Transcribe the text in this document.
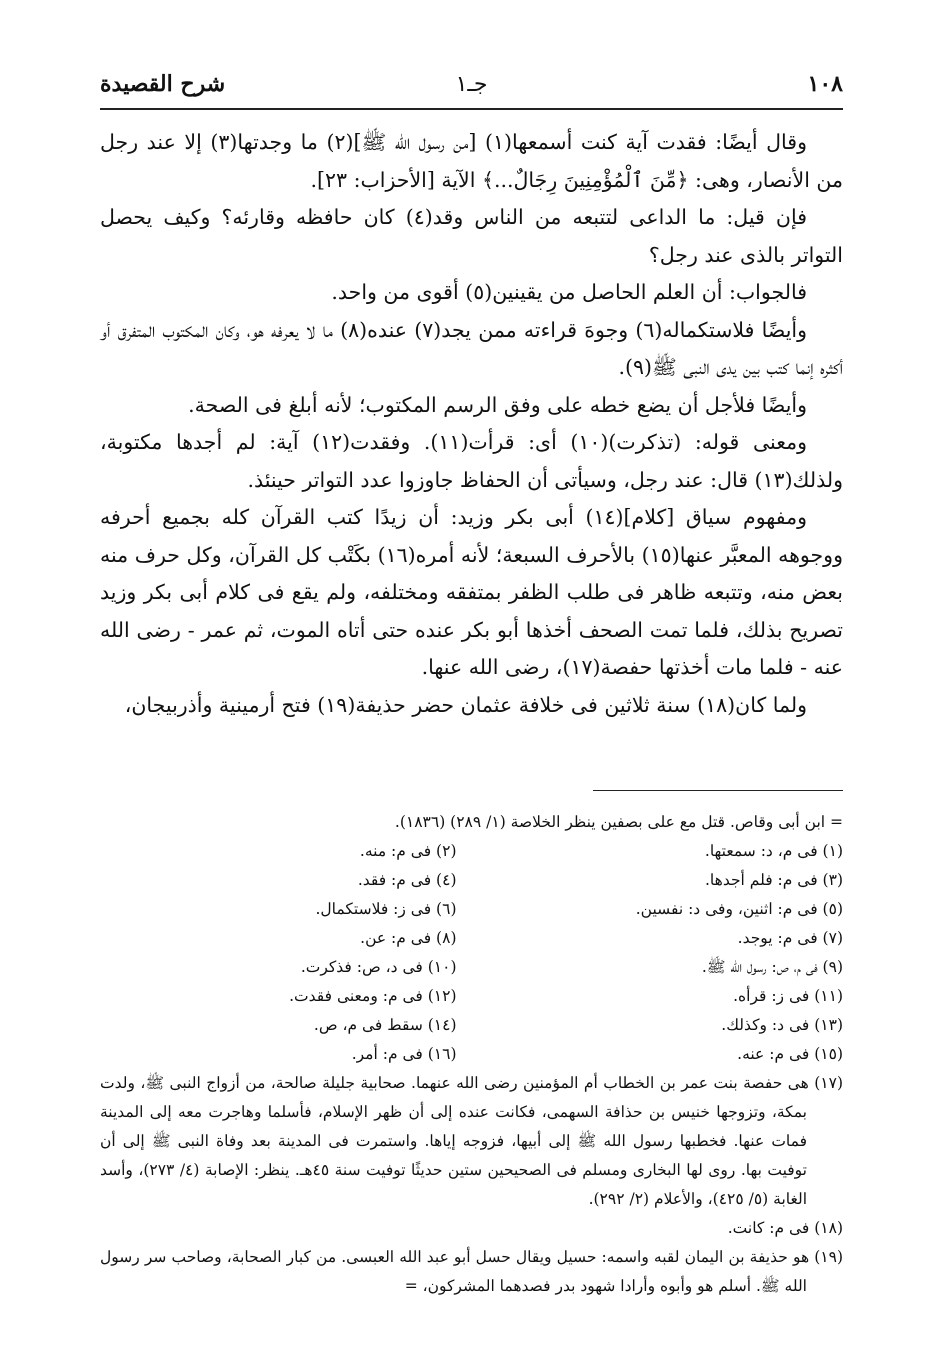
١٠٨
جـ١
شرح القصيدة

وقال أيضًا: فقدت آية كنت أسمعها(١) [من رسول الله ﷺ](٢) ما وجدتها(٣) إلا عند رجل من الأنصار، وهى: ﴿مِّنَ ٱلْمُؤْمِنِينَ رِجَالٌ...﴾ الآية [الأحزاب: ٢٣].

فإن قيل: ما الداعى لتتبعه من الناس وقد(٤) كان حافظه وقارئه؟ وكيف يحصل التواتر بالذى عند رجل؟

فالجواب: أن العلم الحاصل من يقينين(٥) أقوى من واحد.

وأيضًا فلاستكماله(٦) وجوهَ قراءته ممن يجد(٧) عنده(٨) ما لا يعرفه هو، وكان المكتوب المتفرق أو أكثره إنما كتب بين يدى النبى ﷺ(٩).

وأيضًا فلأجل أن يضع خطه على وفق الرسم المكتوب؛ لأنه أبلغ فى الصحة.

ومعنى قوله: (تذكرت)(١٠) أى: قرأت(١١). وفقدت(١٢) آية: لم أجدها مكتوبة، ولذلك(١٣) قال: عند رجل، وسيأتى أن الحفاظ جاوزوا عدد التواتر حينئذ.

ومفهوم سياق [كلام](١٤) أبى بكر وزيد: أن زيدًا كتب القرآن كله بجميع أحرفه ووجوهه المعبَّر عنها(١٥) بالأحرف السبعة؛ لأنه أمره(١٦) بكَتْب كل القرآن، وكل حرف منه بعض منه، وتتبعه ظاهر فى طلب الظفر بمتفقه ومختلفه، ولم يقع فى كلام أبى بكر وزيد تصريح بذلك، فلما تمت الصحف أخذها أبو بكر عنده حتى أتاه الموت، ثم عمر - رضى الله عنه - فلما مات أخذتها حفصة(١٧)، رضى الله عنها.

ولما كان(١٨) سنة ثلاثين فى خلافة عثمان حضر حذيفة(١٩) فتح أرمينية وأذربيجان،

= ابن أبى وقاص. قتل مع على بصفين ينظر الخلاصة (١/ ٢٨٩) (١٨٣٦).
(١) فى م، د: سمعتها.
(٢) فى م: منه.
(٣) فى م: فلم أجدها.
(٤) فى م: فقد.
(٥) فى م: اثنين، وفى د: نفسين.
(٦) فى ز: فلاستكمال.
(٧) فى م: يوجد.
(٨) فى م: عن.
(٩) فى م، ص: رسول الله ﷺ.
(١٠) فى د، ص: فذكرت.
(١١) فى ز: قرأه.
(١٢) فى م: ومعنى فقدت.
(١٣) فى د: وكذلك.
(١٤) سقط فى م، ص.
(١٥) فى م: عنه.
(١٦) فى م: أمر.
(١٧) هى حفصة بنت عمر بن الخطاب أم المؤمنين رضى الله عنهما. صحابية جليلة صالحة، من أزواج النبى ﷺ، ولدت بمكة، وتزوجها خنيس بن حذافة السهمى، فكانت عنده إلى أن ظهر الإسلام، فأسلما وهاجرت معه إلى المدينة فمات عنها. فخطبها رسول الله ﷺ إلى أبيها، فزوجه إياها. واستمرت فى المدينة بعد وفاة النبى ﷺ إلى أن توفيت بها. روى لها البخارى ومسلم فى الصحيحين ستين حديثًا توفيت سنة ٤٥هـ. ينظر: الإصابة (٤/ ٢٧٣)، وأسد الغابة (٥/ ٤٢٥)، والأعلام (٢/ ٢٩٢).
(١٨) فى م: كانت.
(١٩) هو حذيفة بن اليمان لقبه واسمه: حسيل ويقال حسل أبو عبد الله العبسى. من كبار الصحابة، وصاحب سر رسول الله ﷺ. أسلم هو وأبوه وأرادا شهود بدر فصدهما المشركون، =
